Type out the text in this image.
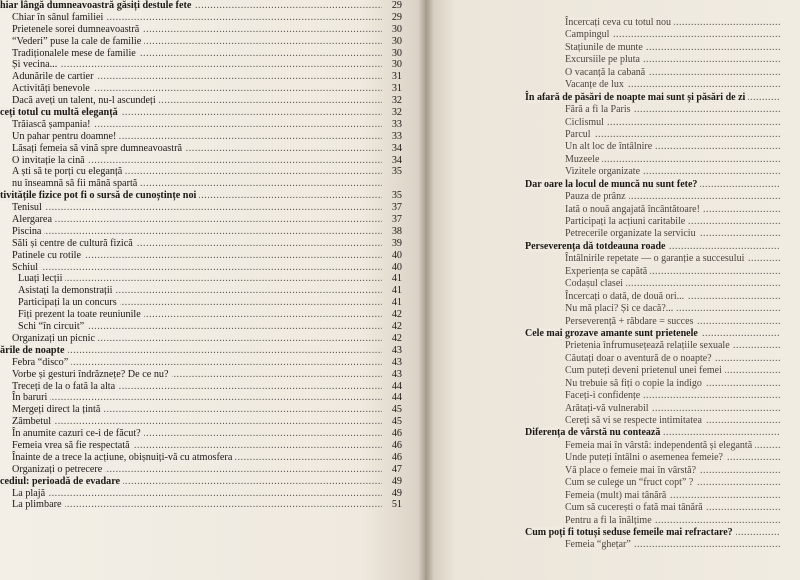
.....
hiar lângă dumneavoastră găsiți destule fete	29
.....
Chiar în sânul familiei	29
.....
Prietenele sorei dumneavoastră	30
.....
“Vederi” puse la cale de familie	30
.....
Tradiționalele mese de familie	30
.....
Și vecina...	30
.....
Adunările de cartier	31
.....
Activități benevole	31
.....
Dacă aveți un talent, nu-l ascundeți	32
.....
ceți totul cu multă eleganță	32
.....
Trăiască șampania!	33
.....
Un pahar pentru doamne!	33
.....
Lăsați femeia să vină spre dumneavoastră	34
.....
O invitație la cină	34
.....
A ști să te porți cu eleganță	35
.....
nu înseamnă să fii mână spartă
.....
tivitățile fizice pot fi o sursă de cunoștințe noi	35
.....
Tenisul	37
.....
Alergarea	37
.....
Piscina	38
.....
Săli și centre de cultură fizică	39
.....
Patinele cu rotile	40
.....
Schiul	40
.....
Luați lecții	41
.....
Asistați la demonstrații	41
.....
Participați la un concurs	41
.....
Fiți prezent la toate reuniunile	42
.....
Schi “în circuit”	42
.....
Organizați un picnic	42
.....
ările de noapte	43
.....
Febra “disco”	43
.....
Vorbe și gesturi îndrăznețe? De ce nu?	43
.....
Treceți de la o fată la alta	44
.....
În baruri	44
.....
Mergeți direct la țintă	45
.....
Zâmbetul	45
.....
În anumite cazuri ce-i de făcut?	46
.....
Femeia vrea să fie respectată	46
.....
Înainte de a trece la acțiune, obișnuiți-vă cu atmosfera	46
.....
Organizați o petrecere	47
.....
cediul: perioadă de evadare	49
.....
La plajă	49
.....
La plimbare	51
.....
Încercați ceva cu totul nou
.....
Campingul
.....
Stațiunile de munte
.....
Excursiile pe pluta
.....
O vacanță la cabană
.....
Vacanțe de lux
.....
În afară de păsări de noapte mai sunt și păsări de zi
.....
Fără a fi la Paris
.....
Ciclismul
.....
Parcul
.....
Un alt loc de întâlnire
.....
Muzeele
.....
Vizitele organizate
.....
Dar oare la locul de muncă nu sunt fete?
.....
Pauza de prânz
.....
Iată o nouă angajată încântătoare!
.....
Participați la acțiuni caritabile
.....
Petrecerile organizate la serviciu
.....
Perseverența dă totdeauna roade
.....
Întâlnirile repetate — o garanție a succesului
.....
Experiența se capătă
.....
Codașul clasei
.....
Încercați o dată, de două ori...
.....
Nu mă placi? Și ce dacă?...
.....
Perseverență + răbdare = succes
.....
Cele mai grozave amante sunt prietenele
.....
Prietenia înfrumusețează relațiile sexuale
.....
Căutați doar o aventură de o noapte?
.....
Cum puteți deveni prietenul unei femei
.....
Nu trebuie să fiți o copie la indigo
.....
Faceți-i confidențe
.....
Arătați-vă vulnerabil
.....
Cereți să vi se respecte intimitatea
.....
Diferența de vârstă nu contează
.....
Femeia mai în vârstă: independentă și elegantă
.....
Unde puteți întâlni o asemenea femeie?
.....
Vă place o femeie mai în vârstă?
.....
Cum se culege un “fruct copt” ?
.....
Femeia (mult) mai tânără
.....
Cum să cucerești o fată mai tânără
.....
Pentru a fi la înălțime
.....
Cum poți fi totuși seduse femeile mai refractare?
.....
Femeia “ghețar”
